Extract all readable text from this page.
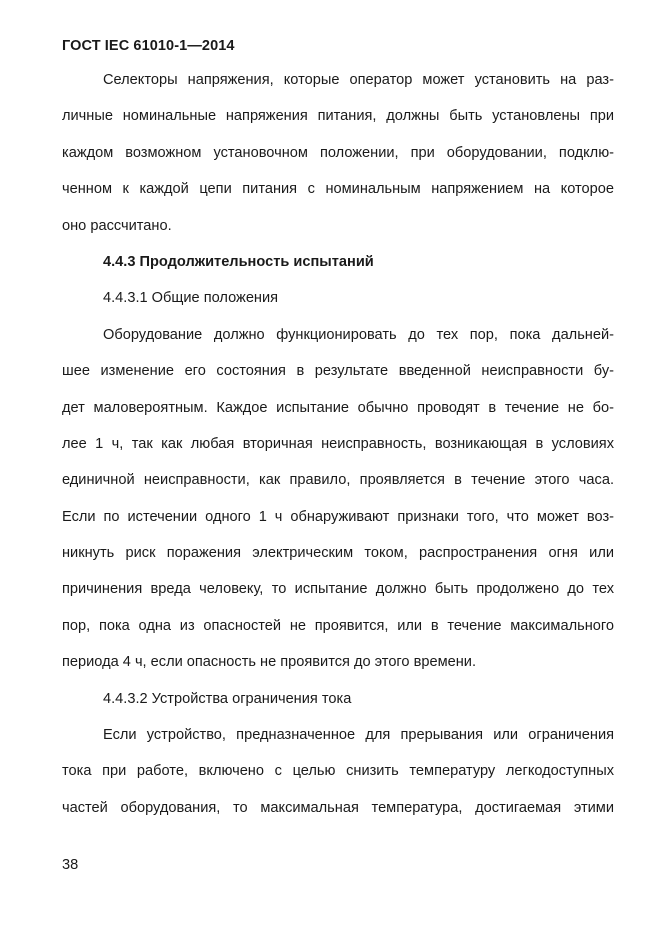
ГОСТ IEC 61010-1—2014
Селекторы напряжения, которые оператор может установить на раз-
личные номинальные напряжения питания, должны быть установлены при
каждом возможном установочном положении, при оборудовании, подклю-
ченном к каждой цепи питания с номинальным напряжением на которое
оно рассчитано.
4.4.3 Продолжительность испытаний
4.4.3.1 Общие положения
Оборудование должно функционировать до тех пор, пока дальней-
шее изменение его состояния в результате введенной неисправности бу-
дет маловероятным. Каждое испытание обычно проводят в течение не бо-
лее 1 ч, так как любая вторичная неисправность, возникающая в условиях
единичной неисправности, как правило, проявляется в течение этого часа.
Если по истечении одного 1 ч обнаруживают признаки того, что может воз-
никнуть риск поражения электрическим током, распространения огня или
причинения вреда человеку, то испытание должно быть продолжено до тех
пор, пока одна из опасностей не проявится, или в течение максимального
периода 4 ч, если опасность не проявится до этого времени.
4.4.3.2 Устройства ограничения тока
Если устройство, предназначенное для прерывания или ограничения
тока при работе, включено с целью снизить температуру легкодоступных
частей оборудования, то максимальная температура, достигаемая этими
38
